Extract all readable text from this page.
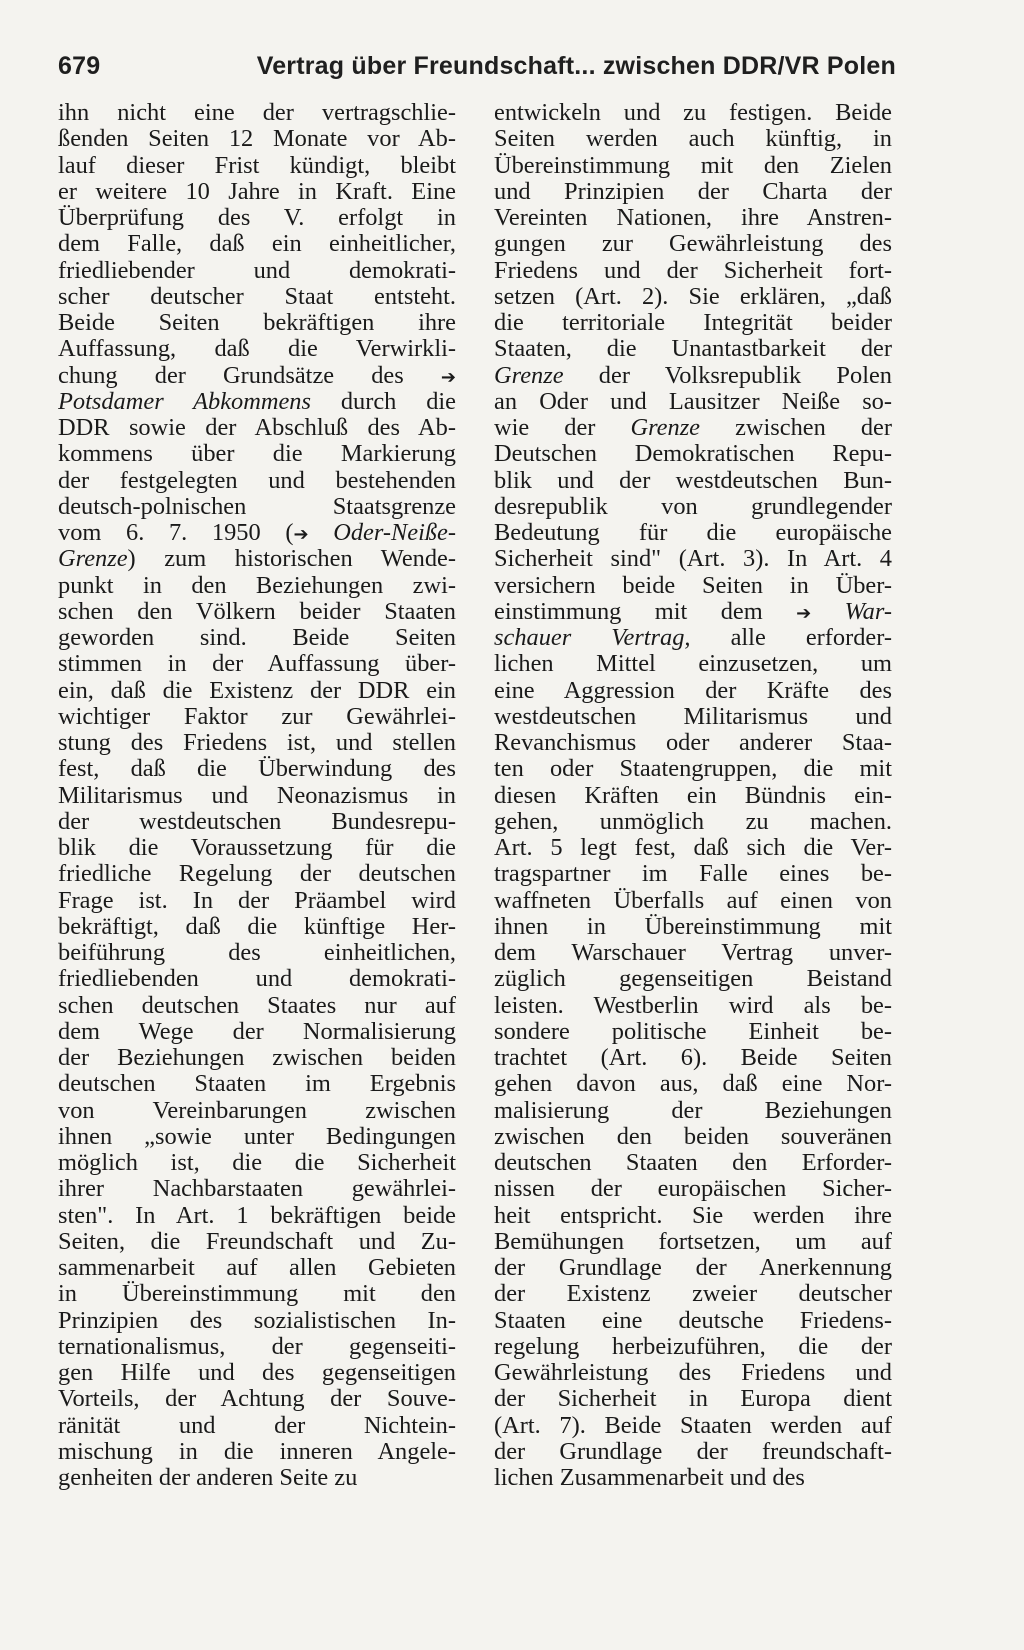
679	Vertrag über Freundschaft... zwischen DDR/VR Polen
ihn nicht eine der vertragschlie-
ßenden Seiten 12 Monate vor Ab-
lauf dieser Frist kündigt, bleibt
er weitere 10 Jahre in Kraft. Eine
Überprüfung des V. erfolgt in
dem Falle, daß ein einheitlicher,
friedliebender und demokrati-
scher deutscher Staat entsteht.
Beide Seiten bekräftigen ihre
Auffassung, daß die Verwirkli-
chung der Grundsätze des ➔
Potsdamer Abkommens durch die
DDR sowie der Abschluß des Ab-
kommens über die Markierung
der festgelegten und bestehenden
deutsch-polnischen Staatsgrenze
vom 6. 7. 1950 (➔ Oder-Neiße-
Grenze) zum historischen Wende-
punkt in den Beziehungen zwi-
schen den Völkern beider Staaten
geworden sind. Beide Seiten
stimmen in der Auffassung über-
ein, daß die Existenz der DDR ein
wichtiger Faktor zur Gewährlei-
stung des Friedens ist, und stellen
fest, daß die Überwindung des
Militarismus und Neonazismus in
der westdeutschen Bundesrepu-
blik die Voraussetzung für die
friedliche Regelung der deutschen
Frage ist. In der Präambel wird
bekräftigt, daß die künftige Her-
beiführung des einheitlichen,
friedliebenden und demokrati-
schen deutschen Staates nur auf
dem Wege der Normalisierung
der Beziehungen zwischen beiden
deutschen Staaten im Ergebnis
von Vereinbarungen zwischen
ihnen „sowie unter Bedingungen
möglich ist, die die Sicherheit
ihrer Nachbarstaaten gewährlei-
sten". In Art. 1 bekräftigen beide
Seiten, die Freundschaft und Zu-
sammenarbeit auf allen Gebieten
in Übereinstimmung mit den
Prinzipien des sozialistischen In-
ternationalismus, der gegenseiti-
gen Hilfe und des gegenseitigen
Vorteils, der Achtung der Souve-
ränität und der Nichtein-
mischung in die inneren Angele-
genheiten der anderen Seite zu
entwickeln und zu festigen. Beide
Seiten werden auch künftig, in
Übereinstimmung mit den Zielen
und Prinzipien der Charta der
Vereinten Nationen, ihre Anstren-
gungen zur Gewährleistung des
Friedens und der Sicherheit fort-
setzen (Art. 2). Sie erklären, „daß
die territoriale Integrität beider
Staaten, die Unantastbarkeit der
Grenze der Volksrepublik Polen
an Oder und Lausitzer Neiße so-
wie der Grenze zwischen der
Deutschen Demokratischen Repu-
blik und der westdeutschen Bun-
desrepublik von grundlegender
Bedeutung für die europäische
Sicherheit sind" (Art. 3). In Art. 4
versichern beide Seiten in Über-
einstimmung mit dem ➔ War-
schauer Vertrag, alle erforder-
lichen Mittel einzusetzen, um
eine Aggression der Kräfte des
westdeutschen Militarismus und
Revanchismus oder anderer Staa-
ten oder Staatengruppen, die mit
diesen Kräften ein Bündnis ein-
gehen, unmöglich zu machen.
Art. 5 legt fest, daß sich die Ver-
tragspartner im Falle eines be-
waffneten Überfalls auf einen von
ihnen in Übereinstimmung mit
dem Warschauer Vertrag unver-
züglich gegenseitigen Beistand
leisten. Westberlin wird als be-
sondere politische Einheit be-
trachtet (Art. 6). Beide Seiten
gehen davon aus, daß eine Nor-
malisierung der Beziehungen
zwischen den beiden souveränen
deutschen Staaten den Erforder-
nissen der europäischen Sicher-
heit entspricht. Sie werden ihre
Bemühungen fortsetzen, um auf
der Grundlage der Anerkennung
der Existenz zweier deutscher
Staaten eine deutsche Friedens-
regelung herbeizuführen, die der
Gewährleistung des Friedens und
der Sicherheit in Europa dient
(Art. 7). Beide Staaten werden auf
der Grundlage der freundschaft-
lichen Zusammenarbeit und des
